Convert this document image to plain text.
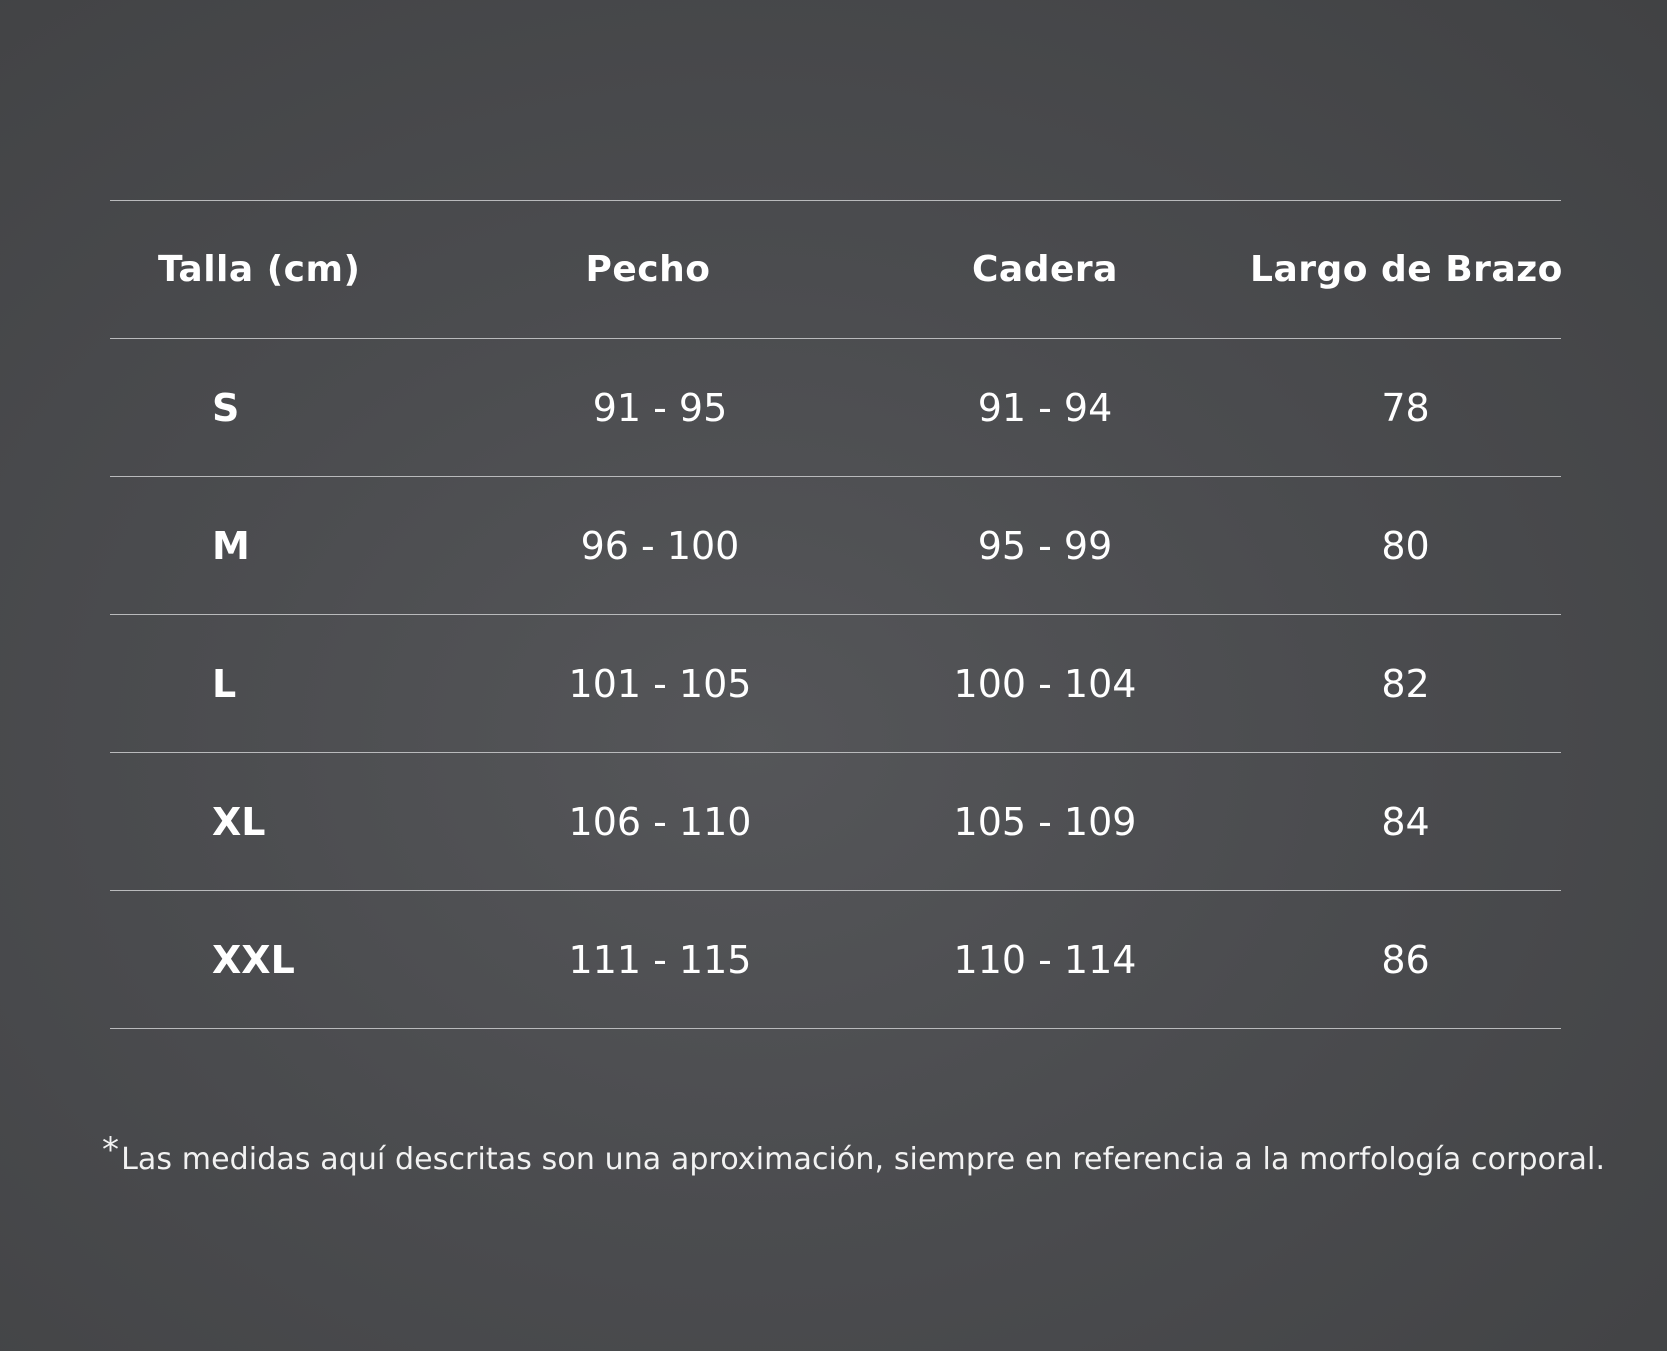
Talla (cm)	Pecho	Cadera	Largo de Brazo
S	91 - 95	91 - 94	78
M	96 - 100	95 - 99	80
L	101 - 105	100 - 104	82
XL	106 - 110	105 - 109	84
XXL	111 - 115	110 - 114	86

*Las medidas aquí descritas son una aproximación, siempre en referencia a la morfología corporal.
